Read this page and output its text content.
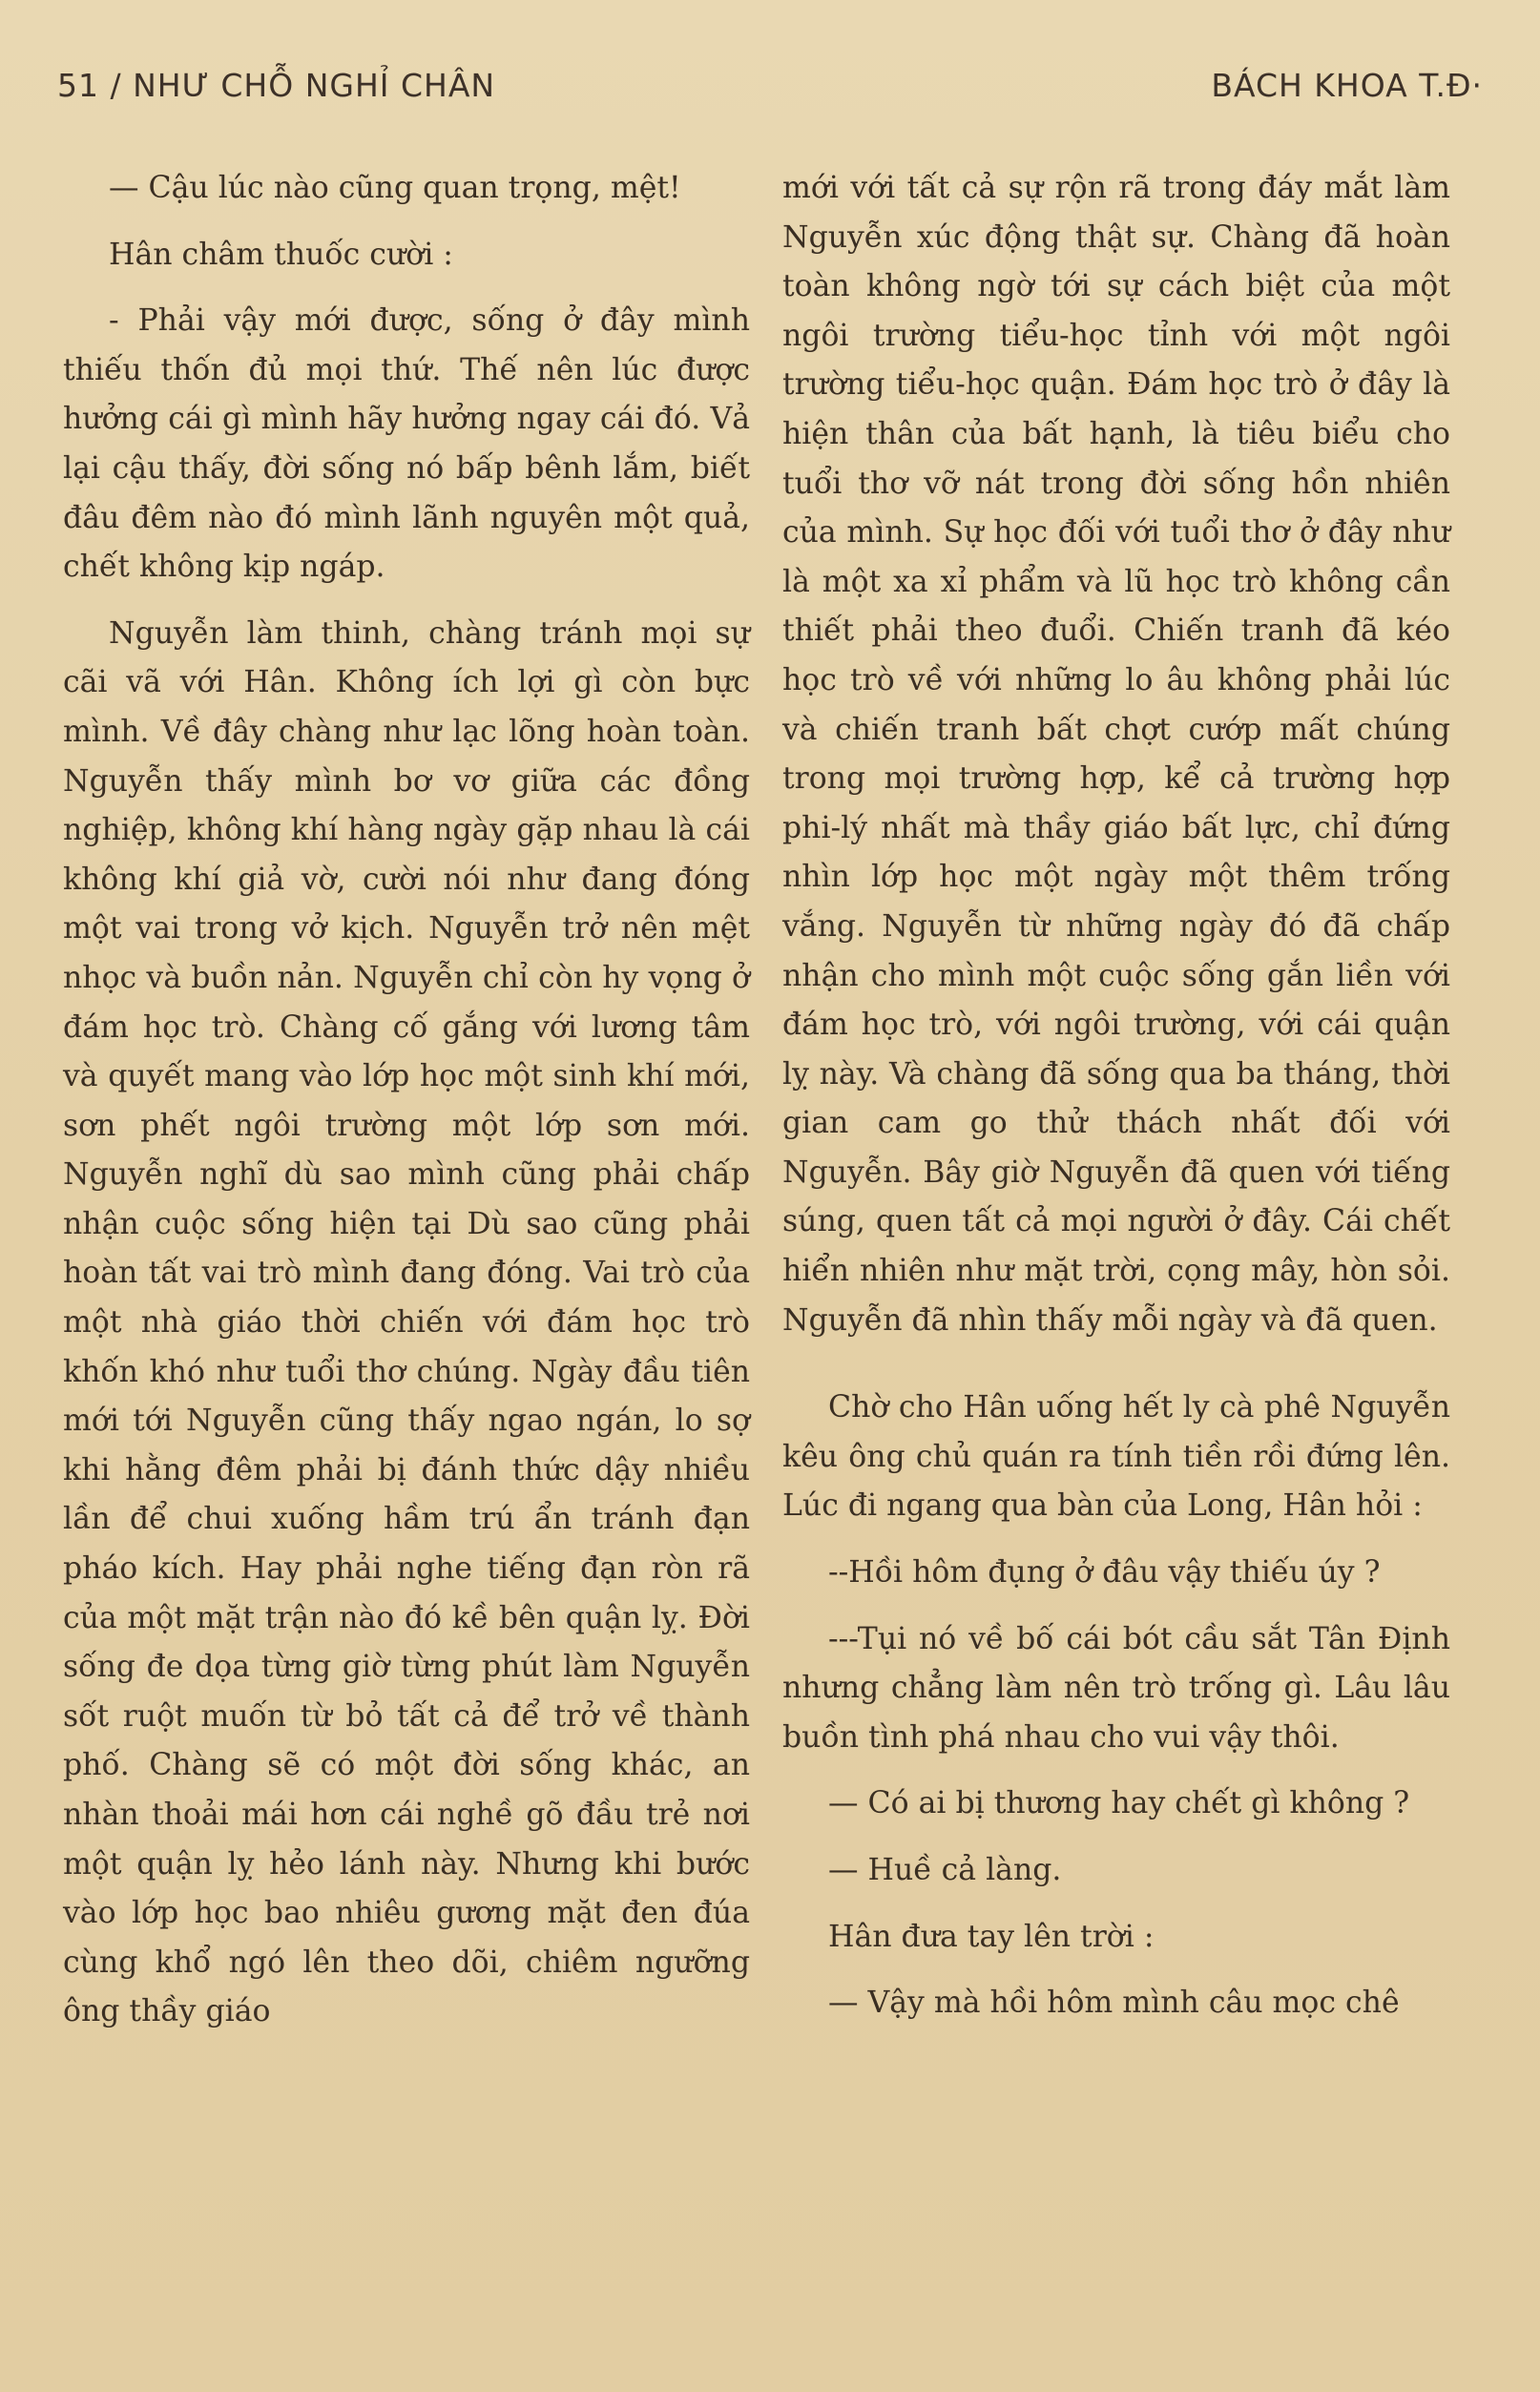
51 / NHƯ CHỖ NGHỈ CHÂN	BÁCH KHOA T.Đ·

— Cậu lúc nào cũng quan trọng, mệt!

Hân châm thuốc cười :

- Phải vậy mới được, sống ở đây mình thiếu thốn đủ mọi thứ. Thế nên lúc được hưởng cái gì mình hãy hưởng ngay cái đó. Vả lại cậu thấy, đời sống nó bấp bênh lắm, biết đâu đêm nào đó mình lãnh nguyên một quả, chết không kịp ngáp.

Nguyễn làm thinh, chàng tránh mọi sự cãi vã với Hân. Không ích lợi gì còn bực mình. Về đây chàng như lạc lõng hoàn toàn. Nguyễn thấy mình bơ vơ giữa các đồng nghiệp, không khí hàng ngày gặp nhau là cái không khí giả vờ, cười nói như đang đóng một vai trong vở kịch. Nguyễn trở nên mệt nhọc và buồn nản. Nguyễn chỉ còn hy vọng ở đám học trò. Chàng cố gắng với lương tâm và quyết mang vào lớp học một sinh khí mới, sơn phết ngôi trường một lớp sơn mới. Nguyễn nghĩ dù sao mình cũng phải chấp nhận cuộc sống hiện tại Dù sao cũng phải hoàn tất vai trò mình đang đóng. Vai trò của một nhà giáo thời chiến với đám học trò khốn khó như tuổi thơ chúng. Ngày đầu tiên mới tới Nguyễn cũng thấy ngao ngán, lo sợ khi hằng đêm phải bị đánh thức dậy nhiều lần để chui xuống hầm trú ẩn tránh đạn pháo kích. Hay phải nghe tiếng đạn ròn rã của một mặt trận nào đó kề bên quận lỵ. Đời sống đe dọa từng giờ từng phút làm Nguyễn sốt ruột muốn từ bỏ tất cả để trở về thành phố. Chàng sẽ có một đời sống khác, an nhàn thoải mái hơn cái nghề gõ đầu trẻ nơi một quận lỵ hẻo lánh này. Nhưng khi bước vào lớp học bao nhiêu gương mặt đen đúa cùng khổ ngó lên theo dõi, chiêm ngưỡng ông thầy giáo

mới với tất cả sự rộn rã trong đáy mắt làm Nguyễn xúc động thật sự. Chàng đã hoàn toàn không ngờ tới sự cách biệt của một ngôi trường tiểu-học tỉnh với một ngôi trường tiểu-học quận. Đám học trò ở đây là hiện thân của bất hạnh, là tiêu biểu cho tuổi thơ vỡ nát trong đời sống hồn nhiên của mình. Sự học đối với tuổi thơ ở đây như là một xa xỉ phẩm và lũ học trò không cần thiết phải theo đuổi. Chiến tranh đã kéo học trò về với những lo âu không phải lúc và chiến tranh bất chợt cướp mất chúng trong mọi trường hợp, kể cả trường hợp phi-lý nhất mà thầy giáo bất lực, chỉ đứng nhìn lớp học một ngày một thêm trống vắng. Nguyễn từ những ngày đó đã chấp nhận cho mình một cuộc sống gắn liền với đám học trò, với ngôi trường, với cái quận lỵ này. Và chàng đã sống qua ba tháng, thời gian cam go thử thách nhất đối với Nguyễn. Bây giờ Nguyễn đã quen với tiếng súng, quen tất cả mọi người ở đây. Cái chết hiển nhiên như mặt trời, cọng mây, hòn sỏi. Nguyễn đã nhìn thấy mỗi ngày và đã quen.

Chờ cho Hân uống hết ly cà phê Nguyễn kêu ông chủ quán ra tính tiền rồi đứng lên. Lúc đi ngang qua bàn của Long, Hân hỏi :

--Hồi hôm đụng ở đâu vậy thiếu úy ?

---Tụi nó về bố cái bót cầu sắt Tân Định nhưng chẳng làm nên trò trống gì. Lâu lâu buồn tình phá nhau cho vui vậy thôi.

— Có ai bị thương hay chết gì không ?

— Huề cả làng.

Hân đưa tay lên trời :

— Vậy mà hồi hôm mình câu mọc chê
